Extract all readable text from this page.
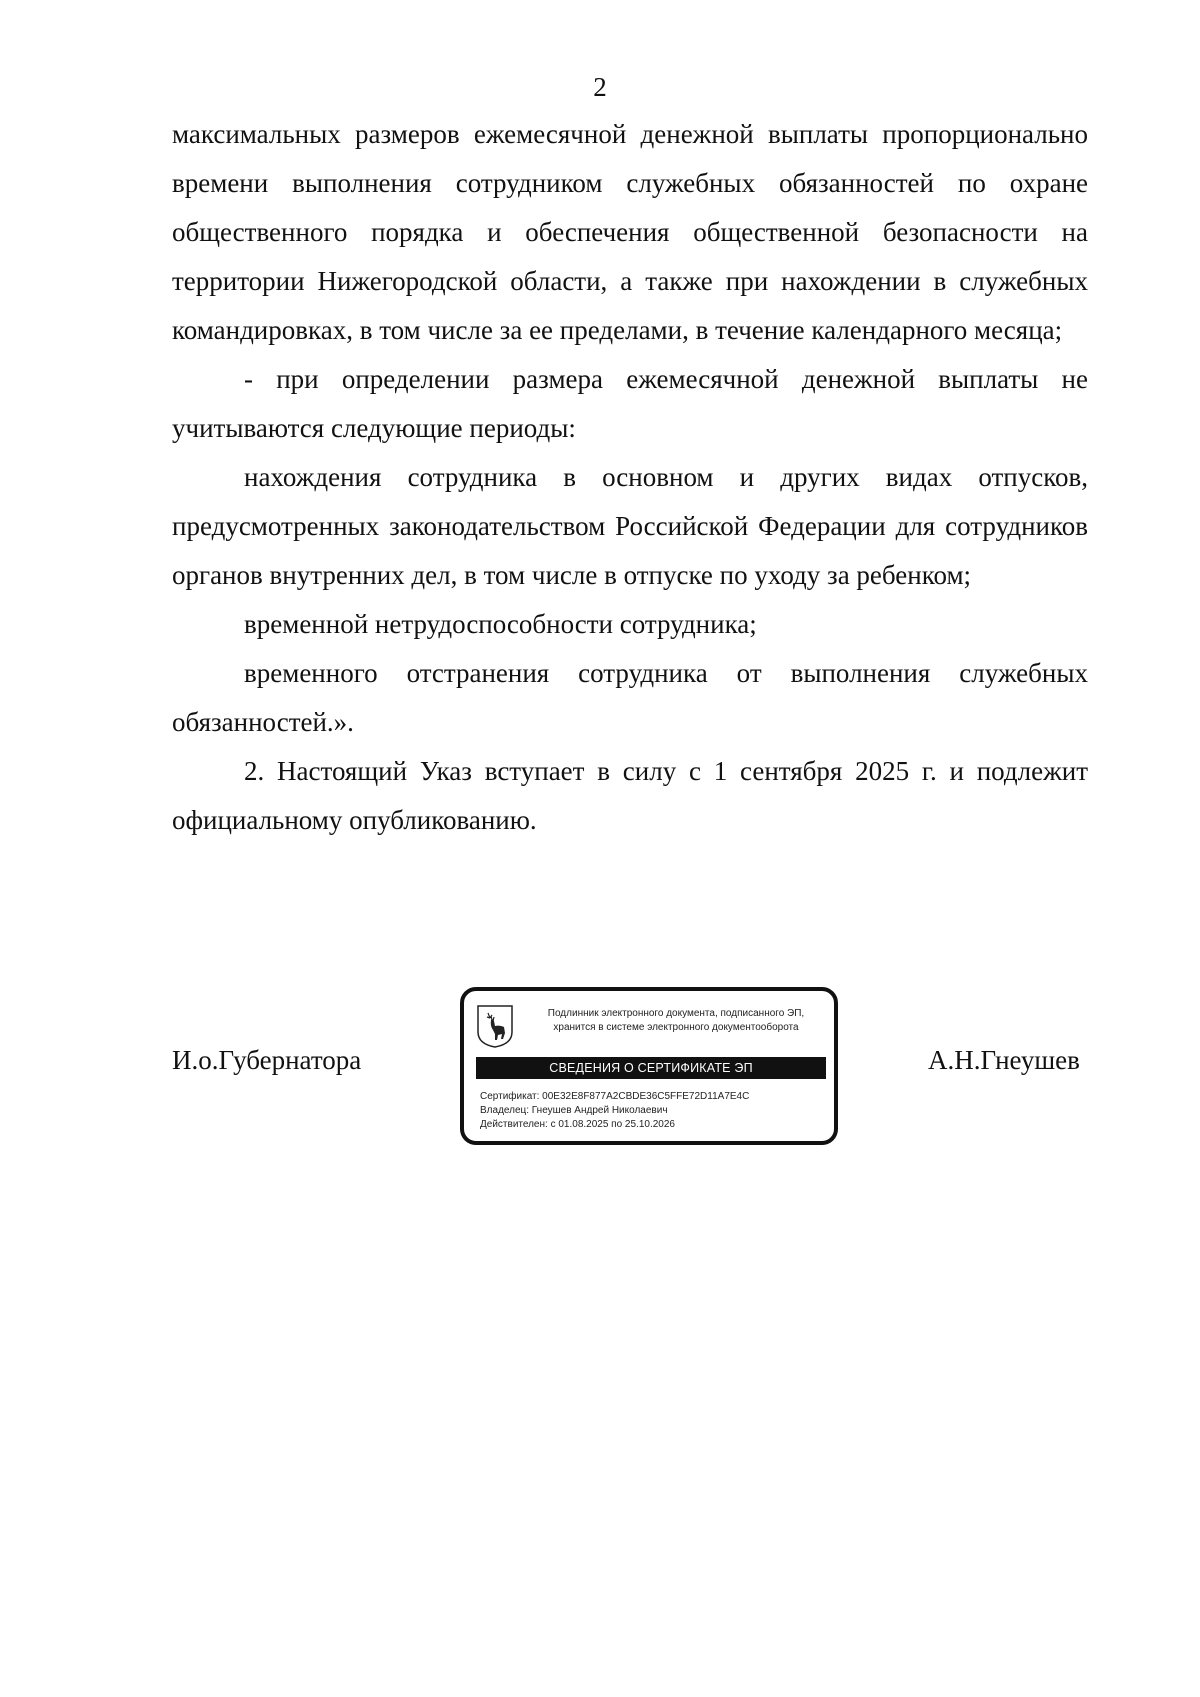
2

максимальных размеров ежемесячной денежной выплаты пропорционально времени выполнения сотрудником служебных обязанностей по охране общественного порядка и обеспечения общественной безопасности на территории Нижегородской области, а также при нахождении в служебных командировках, в том числе за ее пределами, в течение календарного месяца;

- при определении размера ежемесячной денежной выплаты не учитываются следующие периоды:

нахождения сотрудника в основном и других видах отпусков, предусмотренных законодательством Российской Федерации для сотрудников органов внутренних дел, в том числе в отпуске по уходу за ребенком;

временной нетрудоспособности сотрудника;

временного отстранения сотрудника от выполнения служебных обязанностей.».

2. Настоящий Указ вступает в силу с 1 сентября 2025 г. и подлежит официальному опубликованию.

И.о.Губернатора
Подлинник электронного документа, подписанного ЭП,
хранится в системе электронного документооборота
СВЕДЕНИЯ О СЕРТИФИКАТЕ ЭП
Сертификат: 00E32E8F877A2CBDE36C5FFE72D11A7E4C
Владелец: Гнеушев Андрей Николаевич
Действителен: с 01.08.2025 по 25.10.2026
А.Н.Гнеушев
